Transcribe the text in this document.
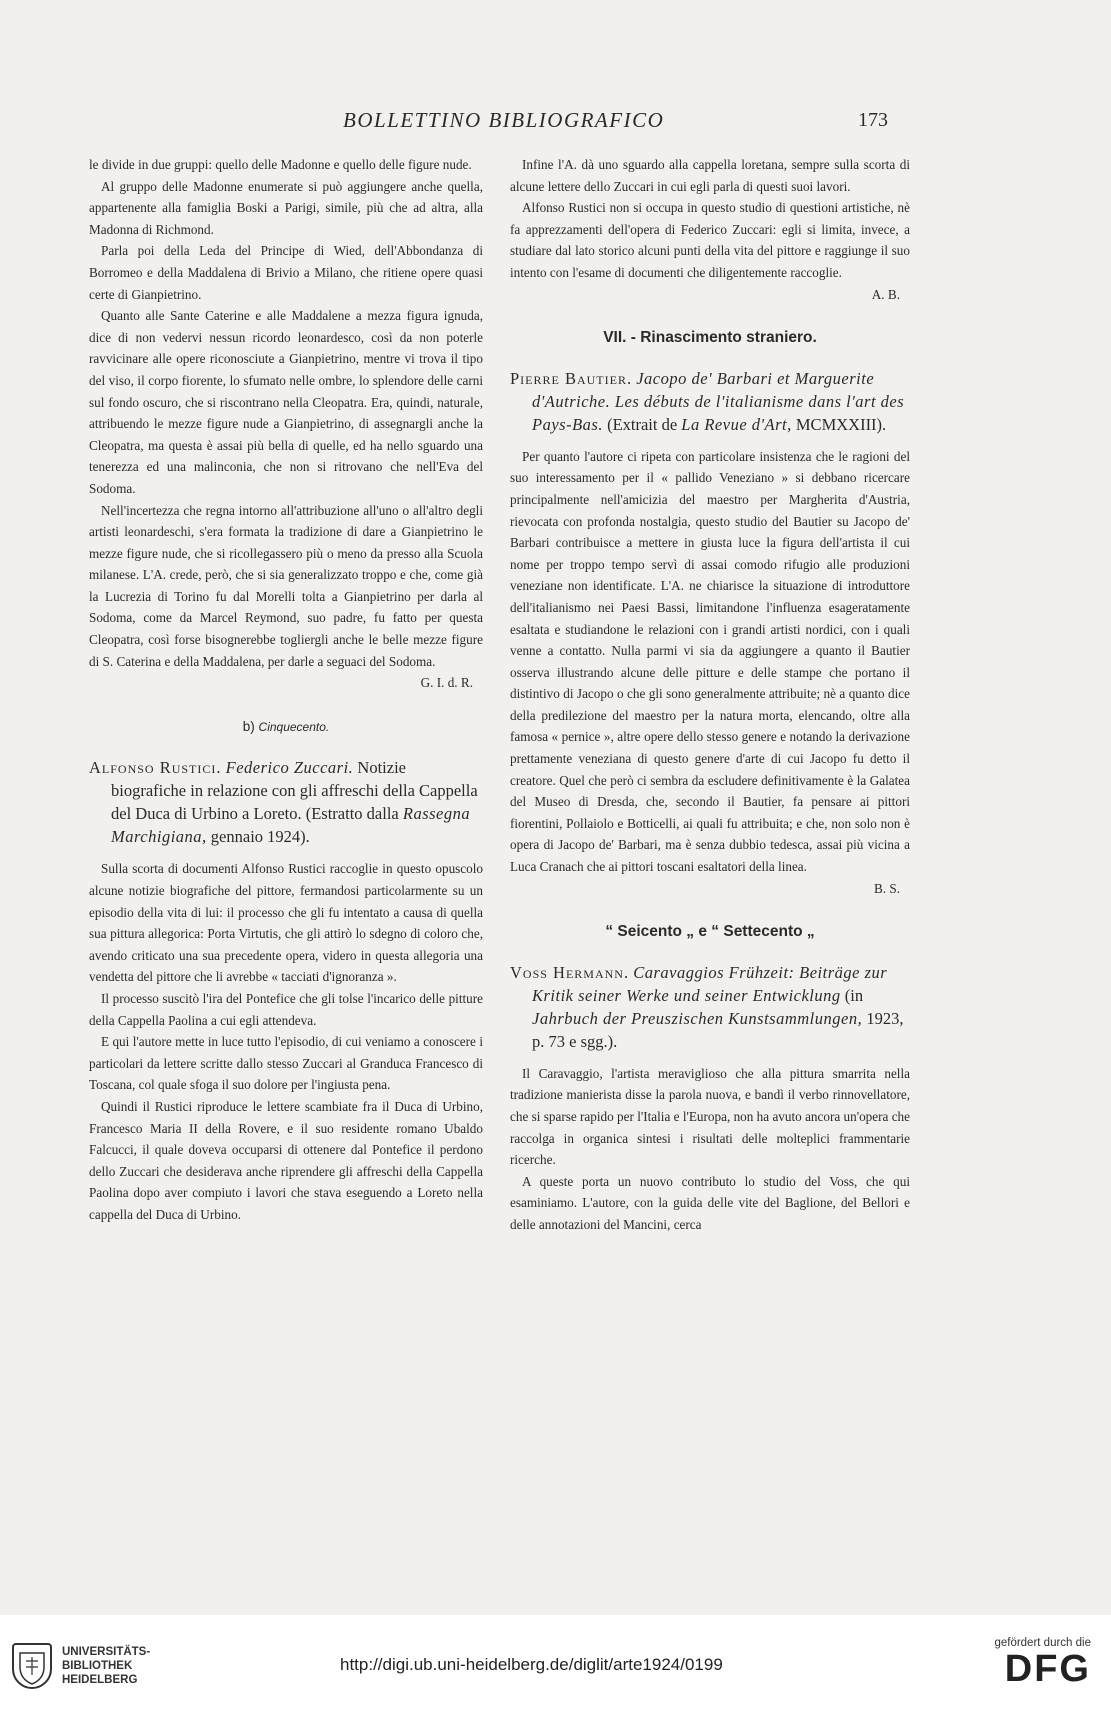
BOLLETTINO BIBLIOGRAFICO	173

le divide in due gruppi: quello delle Madonne e quello delle figure nude.

Al gruppo delle Madonne enumerate si può aggiungere anche quella, appartenente alla famiglia Boski a Parigi, simile, più che ad altra, alla Madonna di Richmond.

Parla poi della Leda del Principe di Wied, dell'Abbondanza di Borromeo e della Maddalena di Brivio a Milano, che ritiene opere quasi certe di Gianpietrino.

Quanto alle Sante Caterine e alle Maddalene a mezza figura ignuda, dice di non vedervi nessun ricordo leonardesco, così da non poterle ravvicinare alle opere riconosciute a Gianpietrino, mentre vi trova il tipo del viso, il corpo fiorente, lo sfumato nelle ombre, lo splendore delle carni sul fondo oscuro, che si riscontrano nella Cleopatra. Era, quindi, naturale, attribuendo le mezze figure nude a Gianpietrino, di assegnargli anche la Cleopatra, ma questa è assai più bella di quelle, ed ha nello sguardo una tenerezza ed una malinconia, che non si ritrovano che nell'Eva del Sodoma.

Nell'incertezza che regna intorno all'attribuzione all'uno o all'altro degli artisti leonardeschi, s'era formata la tradizione di dare a Gianpietrino le mezze figure nude, che si ricollegassero più o meno da presso alla Scuola milanese. L'A. crede, però, che si sia generalizzato troppo e che, come già la Lucrezia di Torino fu dal Morelli tolta a Gianpietrino per darla al Sodoma, come da Marcel Reymond, suo padre, fu fatto per questa Cleopatra, così forse bisognerebbe togliergli anche le belle mezze figure di S. Caterina e della Maddalena, per darle a seguaci del Sodoma.

G. I. d. R.
b) Cinquecento.
Alfonso Rustici. Federico Zuccari. Notizie biografiche in relazione con gli affreschi della Cappella del Duca di Urbino a Loreto. (Estratto dalla Rassegna Marchigiana, gennaio 1924).

Sulla scorta di documenti Alfonso Rustici raccoglie in questo opuscolo alcune notizie biografiche del pittore, fermandosi particolarmente su un episodio della vita di lui: il processo che gli fu intentato a causa di quella sua pittura allegorica: Porta Virtutis, che gli attirò lo sdegno di coloro che, avendo criticato una sua precedente opera, videro in questa allegoria una vendetta del pittore che li avrebbe « tacciati d'ignoranza ».

Il processo suscitò l'ira del Pontefice che gli tolse l'incarico delle pitture della Cappella Paolina a cui egli attendeva.

E qui l'autore mette in luce tutto l'episodio, di cui veniamo a conoscere i particolari da lettere scritte dallo stesso Zuccari al Granduca Francesco di Toscana, col quale sfoga il suo dolore per l'ingiusta pena.

Quindi il Rustici riproduce le lettere scambiate fra il Duca di Urbino, Francesco Maria II della Rovere, e il suo residente romano Ubaldo Falcucci, il quale doveva occuparsi di ottenere dal Pontefice il perdono dello Zuccari che desiderava anche riprendere gli affreschi della Cappella Paolina dopo aver compiuto i lavori che stava eseguendo a Loreto nella cappella del Duca di Urbino.

Infine l'A. dà uno sguardo alla cappella loretana, sempre sulla scorta di alcune lettere dello Zuccari in cui egli parla di questi suoi lavori.

Alfonso Rustici non si occupa in questo studio di questioni artistiche, nè fa apprezzamenti dell'opera di Federico Zuccari: egli si limita, invece, a studiare dal lato storico alcuni punti della vita del pittore e raggiunge il suo intento con l'esame di documenti che diligentemente raccoglie.

A. B.
VII. - Rinascimento straniero.
Pierre Bautier. Jacopo de' Barbari et Marguerite d'Autriche. Les débuts de l'italianisme dans l'art des Pays-Bas. (Extrait de La Revue d'Art, MCMXXIII).

Per quanto l'autore ci ripeta con particolare insistenza che le ragioni del suo interessamento per il « pallido Veneziano » si debbano ricercare principalmente nell'amicizia del maestro per Margherita d'Austria, rievocata con profonda nostalgia, questo studio del Bautier su Jacopo de' Barbari contribuisce a mettere in giusta luce la figura dell'artista il cui nome per troppo tempo servì di assai comodo rifugio alle produzioni veneziane non identificate. L'A. ne chiarisce la situazione di introduttore dell'italianismo nei Paesi Bassi, limitandone l'influenza esageratamente esaltata e studiandone le relazioni con i grandi artisti nordici, con i quali venne a contatto. Nulla parmi vi sia da aggiungere a quanto il Bautier osserva illustrando alcune delle pitture e delle stampe che portano il distintivo di Jacopo o che gli sono generalmente attribuite; nè a quanto dice della predilezione del maestro per la natura morta, elencando, oltre alla famosa « pernice », altre opere dello stesso genere e notando la derivazione prettamente veneziana di questo genere d'arte di cui Jacopo fu detto il creatore. Quel che però ci sembra da escludere definitivamente è la Galatea del Museo di Dresda, che, secondo il Bautier, fa pensare ai pittori fiorentini, Pollaiolo e Botticelli, ai quali fu attribuita; e che, non solo non è opera di Jacopo de' Barbari, ma è senza dubbio tedesca, assai più vicina a Luca Cranach che ai pittori toscani esaltatori della linea.

B. S.
“ Seicento „ e “ Settecento „
Voss Hermann. Caravaggios Frühzeit: Beiträge zur Kritik seiner Werke und seiner Entwicklung (in Jahrbuch der Preuszischen Kunstsammlungen, 1923, p. 73 e sgg.).

Il Caravaggio, l'artista meraviglioso che alla pittura smarrita nella tradizione manierista disse la parola nuova, e bandì il verbo rinnovellatore, che si sparse rapido per l'Italia e l'Europa, non ha avuto ancora un'opera che raccolga in organica sintesi i risultati delle molteplici frammentarie ricerche.

A queste porta un nuovo contributo lo studio del Voss, che qui esaminiamo. L'autore, con la guida delle vite del Baglione, del Bellori e delle annotazioni del Mancini, cerca

UNIVERSITÄTS-
BIBLIOTHEK
HEIDELBERG
http://digi.ub.uni-heidelberg.de/diglit/arte1924/0199
gefördert durch die
DFG
